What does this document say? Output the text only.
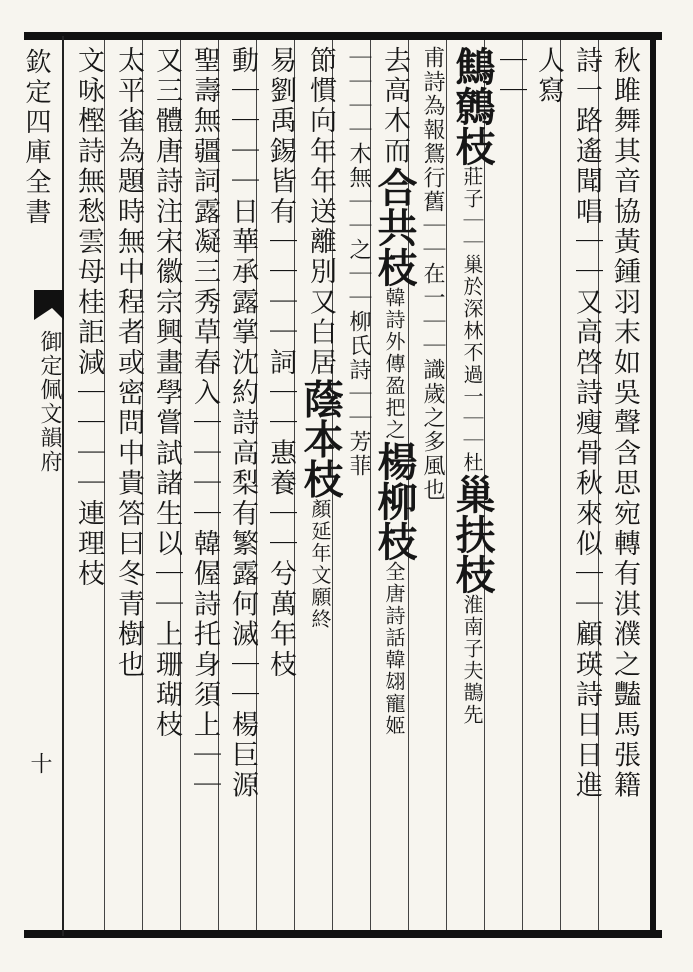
欽定四庫全書
御定佩文韻府
十	秋雎舞其音協黃鍾羽末如吳聲含思宛轉有淇濮之豔馬張籍
詩一路遙聞唱｜｜又高啓詩瘦骨秋來似｜｜顧瑛詩日日進
人寫
｜｜
鷦鷯枝莊子｜｜巢於深林不過一｜｜杜巢扶枝淮南子夫鵲先
甫詩為報鴛行舊｜｜在一｜｜識歲之多風也
去高木而合共枝韓詩外傳盈把之楊柳枝全唐詩話韓翃寵姬
｜｜｜｜木無｜｜之｜｜柳氏詩｜｜芳菲
節慣向年年送離別又白居蔭本枝顏延年文願終
易劉禹錫皆有｜｜｜｜詞｜｜惠養｜｜兮萬年枝
動｜｜｜｜日華承露掌沈約詩高梨有繁露何滅｜｜楊巨源
聖壽無疆詞露凝三秀草春入｜｜｜｜韓偓詩托身須上｜｜
又三體唐詩注宋徽宗興畫學嘗試諸生以｜｜上珊瑚枝
太平雀為題時無中程者或密問中貴答曰冬青樹也
文咏樫詩無愁雲母桂詎減｜｜｜｜連理枝
